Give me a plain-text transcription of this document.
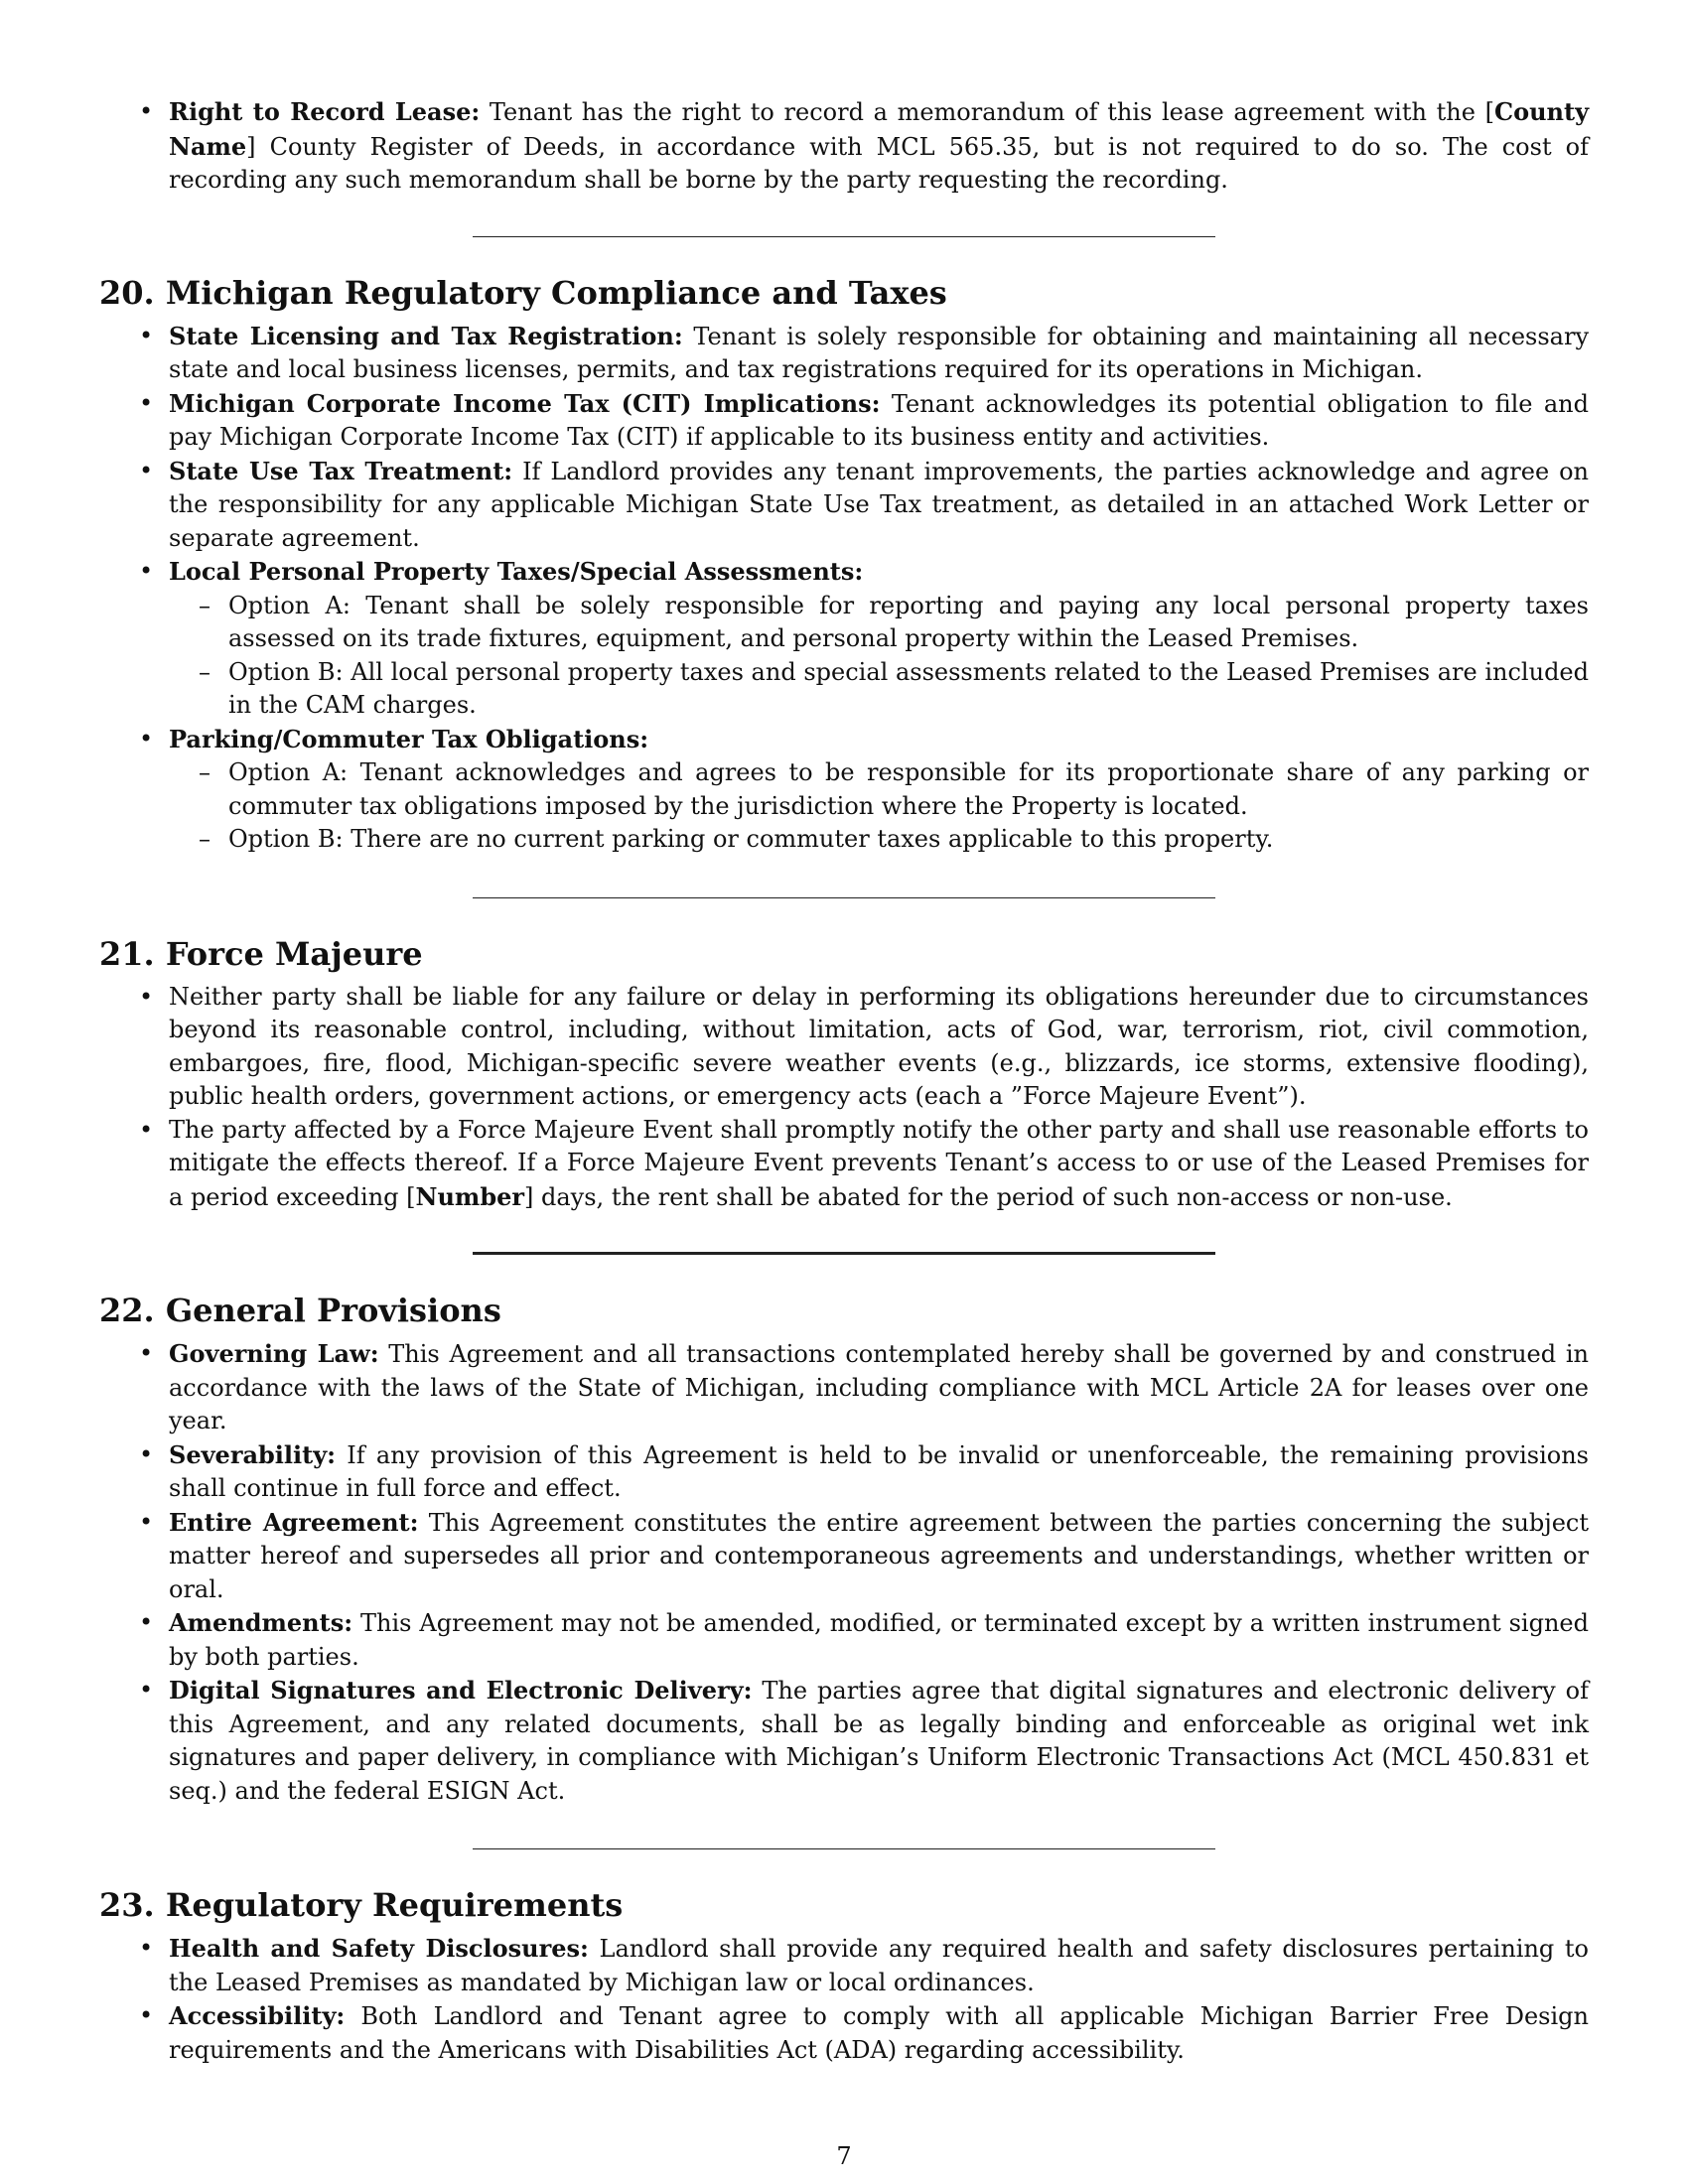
• Right to Record Lease: Tenant has the right to record a memorandum of this lease agreement with the [County Name] County Register of Deeds, in accordance with MCL 565.35, but is not required to do so. The cost of recording any such memorandum shall be borne by the party requesting the recording.
20. Michigan Regulatory Compliance and Taxes
• State Licensing and Tax Registration: Tenant is solely responsible for obtaining and maintaining all necessary state and local business licenses, permits, and tax registrations required for its operations in Michigan.
• Michigan Corporate Income Tax (CIT) Implications: Tenant acknowledges its potential obligation to file and pay Michigan Corporate Income Tax (CIT) if applicable to its business entity and activities.
• State Use Tax Treatment: If Landlord provides any tenant improvements, the parties acknowledge and agree on the responsibility for any applicable Michigan State Use Tax treatment, as detailed in an attached Work Letter or separate agreement.
• Local Personal Property Taxes/Special Assessments:
– Option A: Tenant shall be solely responsible for reporting and paying any local personal property taxes assessed on its trade fixtures, equipment, and personal property within the Leased Premises.
– Option B: All local personal property taxes and special assessments related to the Leased Premises are included in the CAM charges.
• Parking/Commuter Tax Obligations:
– Option A: Tenant acknowledges and agrees to be responsible for its proportionate share of any parking or commuter tax obligations imposed by the jurisdiction where the Property is located.
– Option B: There are no current parking or commuter taxes applicable to this property.
21. Force Majeure
• Neither party shall be liable for any failure or delay in performing its obligations hereunder due to circumstances beyond its reasonable control, including, without limitation, acts of God, war, terrorism, riot, civil commotion, embargoes, fire, flood, Michigan-specific severe weather events (e.g., blizzards, ice storms, extensive flooding), public health orders, government actions, or emergency acts (each a ”Force Majeure Event”).
• The party affected by a Force Majeure Event shall promptly notify the other party and shall use reasonable efforts to mitigate the effects thereof. If a Force Majeure Event prevents Tenant’s access to or use of the Leased Premises for a period exceeding [Number] days, the rent shall be abated for the period of such non-access or non-use.
22. General Provisions
• Governing Law: This Agreement and all transactions contemplated hereby shall be governed by and construed in accordance with the laws of the State of Michigan, including compliance with MCL Article 2A for leases over one year.
• Severability: If any provision of this Agreement is held to be invalid or unenforceable, the remaining provisions shall continue in full force and effect.
• Entire Agreement: This Agreement constitutes the entire agreement between the parties concerning the subject matter hereof and supersedes all prior and contemporaneous agreements and understandings, whether written or oral.
• Amendments: This Agreement may not be amended, modified, or terminated except by a written instrument signed by both parties.
• Digital Signatures and Electronic Delivery: The parties agree that digital signatures and electronic delivery of this Agreement, and any related documents, shall be as legally binding and enforceable as original wet ink signatures and paper delivery, in compliance with Michigan’s Uniform Electronic Transactions Act (MCL 450.831 et seq.) and the federal ESIGN Act.
23. Regulatory Requirements
• Health and Safety Disclosures: Landlord shall provide any required health and safety disclosures pertaining to the Leased Premises as mandated by Michigan law or local ordinances.
• Accessibility: Both Landlord and Tenant agree to comply with all applicable Michigan Barrier Free Design requirements and the Americans with Disabilities Act (ADA) regarding accessibility.
7
